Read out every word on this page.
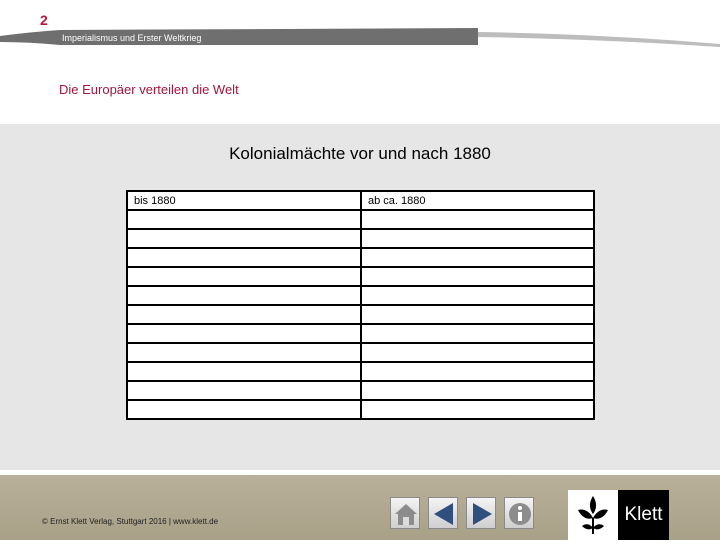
2
Imperialismus und Erster Weltkrieg
Die Europäer verteilen die Welt
Kolonialmächte vor und nach 1880
bis 1880	ab ca. 1880

© Ernst Klett Verlag, Stuttgart 2016 | www.klett.de	Klett
